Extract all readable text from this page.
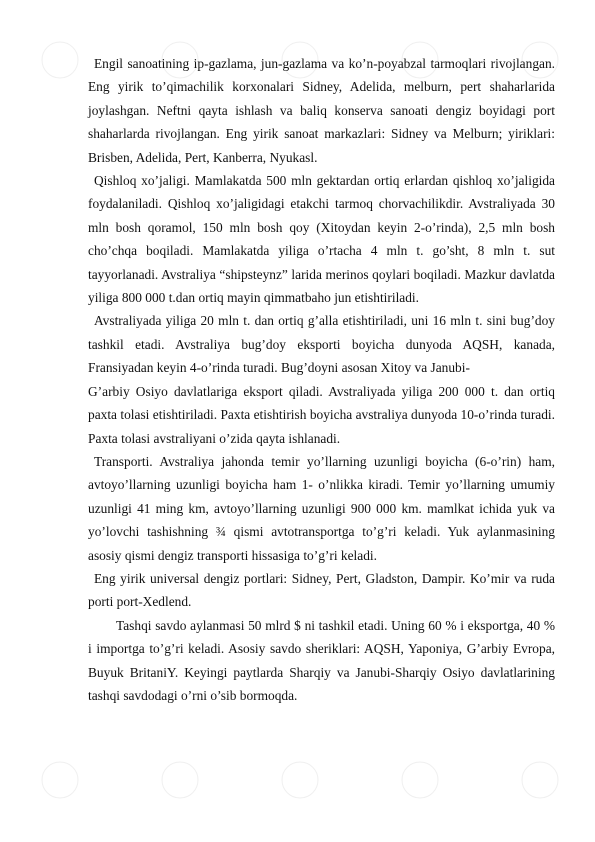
Engil sanoatining ip-gazlama, jun-gazlama va ko’n-poyabzal tarmoqlari rivojlangan. Eng yirik to’qimachilik korxonalari Sidney, Adelida, melburn, pert shaharlarida joylashgan. Neftni qayta ishlash va baliq konserva sanoati dengiz boyidagi port shaharlarda rivojlangan. Eng yirik sanoat markazlari: Sidney va Melburn; yiriklari: Brisben, Adelida, Pert, Kanberra, Nyukasl.

Qishloq xo’jaligi. Mamlakatda 500 mln gektardan ortiq erlardan qishloq xo’jaligida foydalaniladi. Qishloq xo’jaligidagi etakchi tarmoq chorvachilikdir. Avstraliyada 30 mln bosh qoramol, 150 mln bosh qoy (Xitoydan keyin 2-o’rinda), 2,5 mln bosh cho’chqa boqiladi. Mamlakatda yiliga o’rtacha 4 mln t. go’sht, 8 mln t. sut tayyorlanadi. Avstraliya “shipsteynz” larida merinos qoylari boqiladi. Mazkur davlatda yiliga 800 000 t.dan ortiq mayin qimmatbaho jun etishtiriladi.

Avstraliyada yiliga 20 mln t. dan ortiq g’alla etishtiriladi, uni 16 mln t. sini bug’doy tashkil etadi. Avstraliya bug’doy eksporti boyicha dunyoda AQSH, kanada, Fransiyadan keyin 4-o’rinda turadi. Bug’doyni asosan Xitoy va Janubi-

G’arbiy Osiyo davlatlariga eksport qiladi. Avstraliyada yiliga 200 000 t. dan ortiq paxta tolasi etishtiriladi. Paxta etishtirish boyicha avstraliya dunyoda 10-o’rinda turadi. Paxta tolasi avstraliyani o’zida qayta ishlanadi.

Transporti. Avstraliya jahonda temir yo’llarning uzunligi boyicha (6-o’rin) ham, avtoyo’llarning uzunligi boyicha ham 1- o’nlikka kiradi. Temir yo’llarning umumiy uzunligi 41 ming km, avtoyo’llarning uzunligi 900 000 km. mamlkat ichida yuk va yo’lovchi tashishning ¾ qismi avtotransportga to’g’ri keladi. Yuk aylanmasining asosiy qismi dengiz transporti hissasiga to’g’ri keladi.

Eng yirik universal dengiz portlari: Sidney, Pert, Gladston, Dampir. Ko’mir va ruda porti port-Xedlend.

Tashqi savdo aylanmasi 50 mlrd $ ni tashkil etadi. Uning 60 % i eksportga, 40 % i importga to’g’ri keladi. Asosiy savdo sheriklari: AQSH, Yaponiya, G’arbiy Evropa, Buyuk BritaniY. Keyingi paytlarda Sharqiy va Janubi-Sharqiy Osiyo davlatlarining tashqi savdodagi o’rni o’sib bormoqda.
